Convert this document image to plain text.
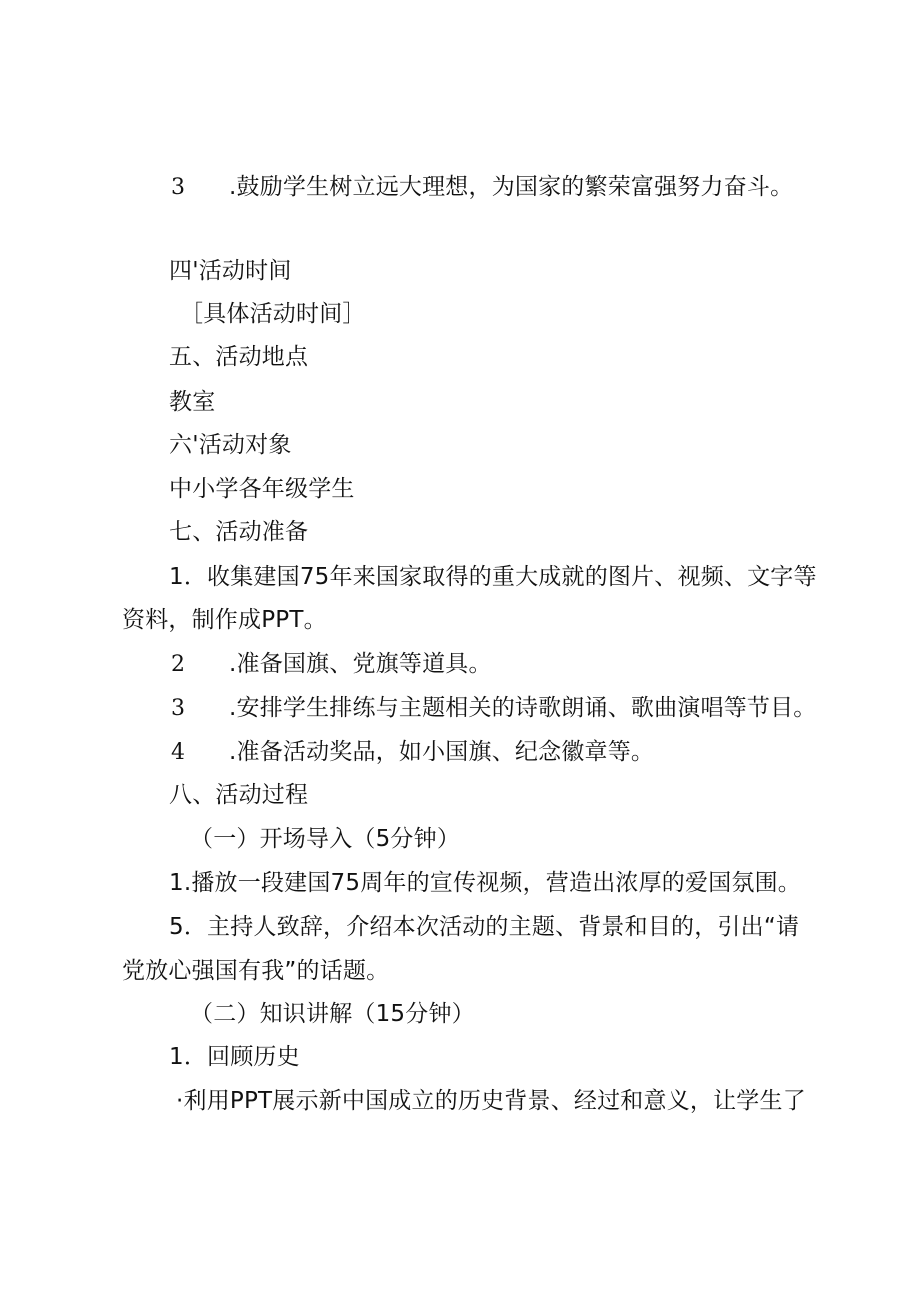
3 .鼓励学生树立远大理想，为国家的繁荣富强努力奋斗。
四'活动时间
［具体活动时间］
五、活动地点
教室
六'活动对象
中小学各年级学生
七、活动准备
1．收集建国75年来国家取得的重大成就的图片、视频、文字等
资料，制作成PPT。
2 .准备国旗、党旗等道具。
3 .安排学生排练与主题相关的诗歌朗诵、歌曲演唱等节目。
4 .准备活动奖品，如小国旗、纪念徽章等。
八、活动过程
（一）开场导入（5分钟）
1.播放一段建国75周年的宣传视频，营造出浓厚的爱国氛围。
5．主持人致辞，介绍本次活动的主题、背景和目的，引出“请
党放心强国有我”的话题。
（二）知识讲解（15分钟）
1．回顾历史
·利用PPT展示新中国成立的历史背景、经过和意义，让学生了
